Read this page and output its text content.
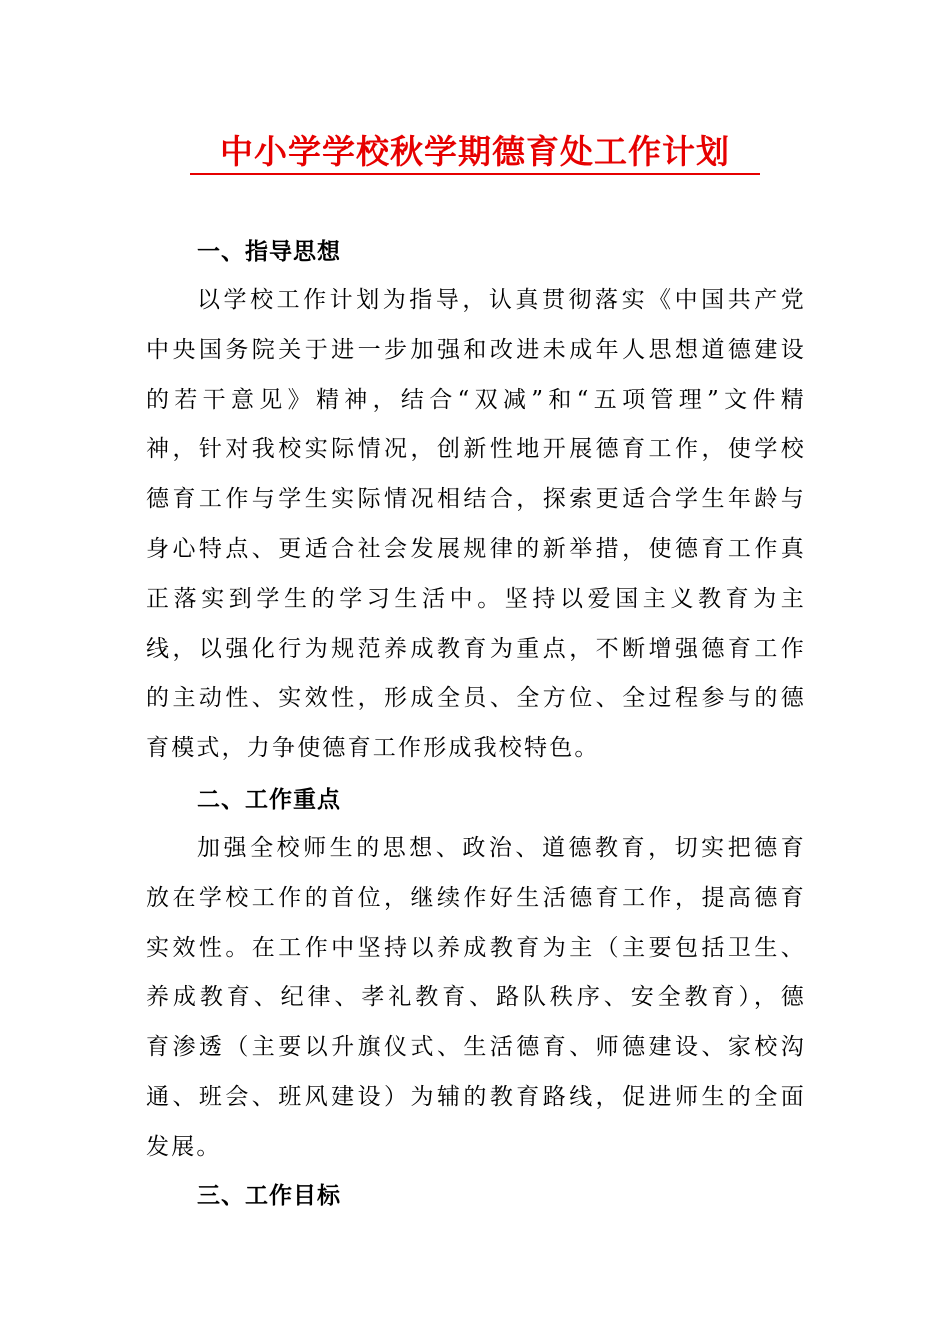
中小学学校秋学期德育处工作计划
一、指导思想
以学校工作计划为指导，认真贯彻落实《中国共产党
中央国务院关于进一步加强和改进未成年人思想道德建设
的若干意见》精神，结合“双减”和“五项管理”文件精
神，针对我校实际情况，创新性地开展德育工作，使学校
德育工作与学生实际情况相结合，探索更适合学生年龄与
身心特点、更适合社会发展规律的新举措，使德育工作真
正落实到学生的学习生活中。坚持以爱国主义教育为主
线，以强化行为规范养成教育为重点，不断增强德育工作
的主动性、实效性，形成全员、全方位、全过程参与的德
育模式，力争使德育工作形成我校特色。
二、工作重点
加强全校师生的思想、政治、道德教育，切实把德育
放在学校工作的首位，继续作好生活德育工作，提高德育
实效性。在工作中坚持以养成教育为主（主要包括卫生、
养成教育、纪律、孝礼教育、路队秩序、安全教育），德
育渗透（主要以升旗仪式、生活德育、师德建设、家校沟
通、班会、班风建设）为辅的教育路线，促进师生的全面
发展。
三、工作目标
